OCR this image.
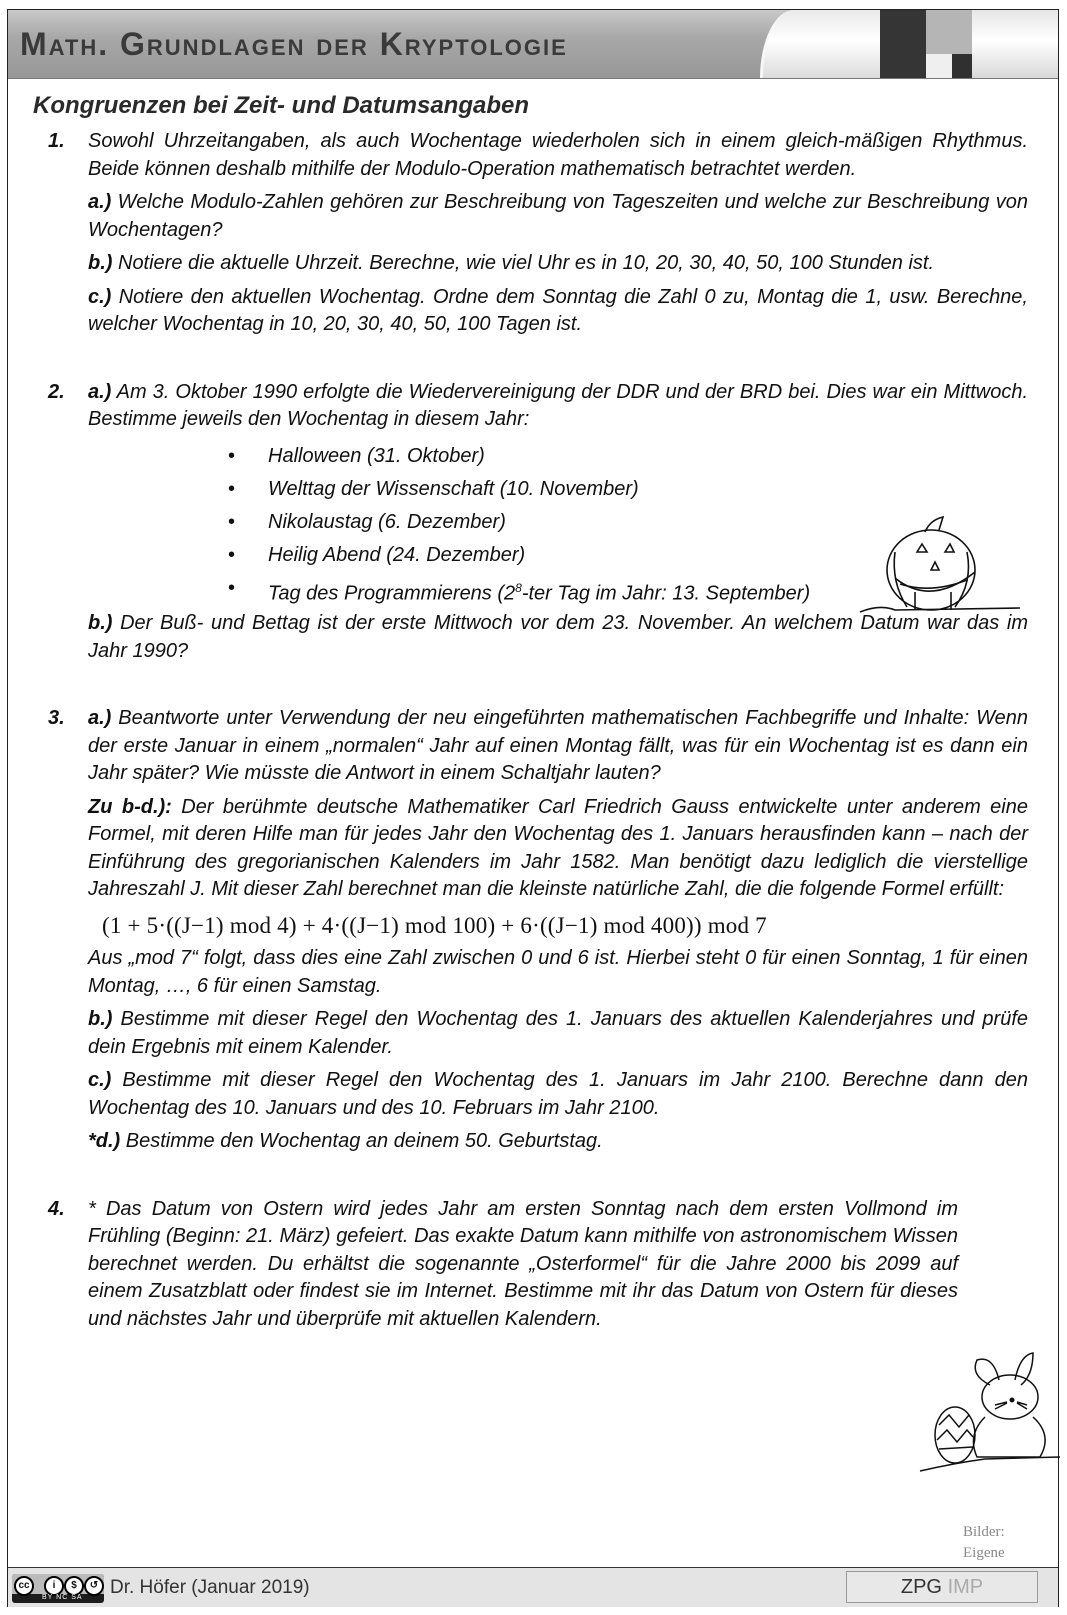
Math. Grundlagen der Kryptologie
Kongruenzen bei Zeit- und Datumsangaben
1. Sowohl Uhrzeitangaben, als auch Wochentage wiederholen sich in einem gleich-mäßigen Rhythmus. Beide können deshalb mithilfe der Modulo-Operation mathematisch betrachtet werden.

a.) Welche Modulo-Zahlen gehören zur Beschreibung von Tageszeiten und welche zur Beschreibung von Wochentagen?

b.) Notiere die aktuelle Uhrzeit. Berechne, wie viel Uhr es in 10, 20, 30, 40, 50, 100 Stunden ist.

c.) Notiere den aktuellen Wochentag. Ordne dem Sonntag die Zahl 0 zu, Montag die 1, usw. Berechne, welcher Wochentag in 10, 20, 30, 40, 50, 100 Tagen ist.

2. a.) Am 3. Oktober 1990 erfolgte die Wiedervereinigung der DDR und der BRD bei. Dies war ein Mittwoch. Bestimme jeweils den Wochentag in diesem Jahr:

• Halloween (31. Oktober)
• Welttag der Wissenschaft (10. November)
• Nikolaustag (6. Dezember)
• Heilig Abend (24. Dezember)
• Tag des Programmierens ($2^8$-ter Tag im Jahr: 13. September)

b.) Der Buß- und Bettag ist der erste Mittwoch vor dem 23. November. An welchem Datum war das im Jahr 1990?

3. a.) Beantworte unter Verwendung der neu eingeführten mathematischen Fachbegriffe und Inhalte: Wenn der erste Januar in einem „normalen“ Jahr auf einen Montag fällt, was für ein Wochentag ist es dann ein Jahr später? Wie müsste die Antwort in einem Schaltjahr lauten?

Zu b-d.): Der berühmte deutsche Mathematiker Carl Friedrich Gauss entwickelte unter anderem eine Formel, mit deren Hilfe man für jedes Jahr den Wochentag des 1. Januars herausfinden kann – nach der Einführung des gregorianischen Kalenders im Jahr 1582. Man benötigt dazu lediglich die vierstellige Jahreszahl J. Mit dieser Zahl berechnet man die kleinste natürliche Zahl, die die folgende Formel erfüllt:

(1 + 5·((J−1) mod 4) + 4·((J−1) mod 100) + 6·((J−1) mod 400)) mod 7

Aus „mod 7“ folgt, dass dies eine Zahl zwischen 0 und 6 ist. Hierbei steht 0 für einen Sonntag, 1 für einen Montag, …, 6 für einen Samstag.

b.) Bestimme mit dieser Regel den Wochentag des 1. Januars des aktuellen Kalenderjahres und prüfe dein Ergebnis mit einem Kalender.

c.) Bestimme mit dieser Regel den Wochentag des 1. Januars im Jahr 2100. Berechne dann den Wochentag des 10. Januars und des 10. Februars im Jahr 2100.

*d.) Bestimme den Wochentag an deinem 50. Geburtstag.

4. * Das Datum von Ostern wird jedes Jahr am ersten Sonntag nach dem ersten Vollmond im Frühling (Beginn: 21. März) gefeiert. Das exakte Datum kann mithilfe von astronomischem Wissen berechnet werden. Du erhältst die sogenannte „Osterformel“ für die Jahre 2000 bis 2099 auf einem Zusatzblatt oder findest sie im Internet. Bestimme mit ihr das Datum von Ostern für dieses und nächstes Jahr und überprüfe mit aktuellen Kalendern.

Bilder:
Eigene
cc	i	$	↺
BY NC SA Dr. Höfer (Januar 2019)	ZPG IMP
